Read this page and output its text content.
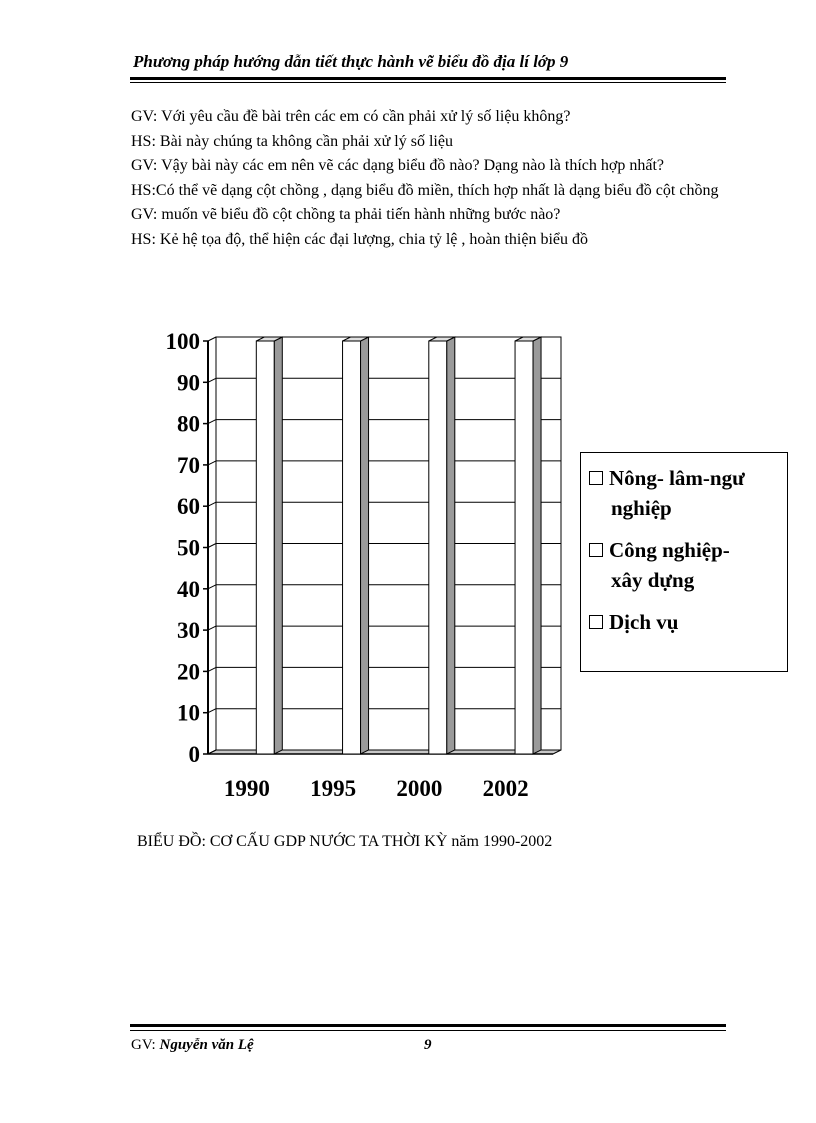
Phương pháp hướng dẫn tiết thực hành vẽ biểu đồ địa lí lớp 9

GV: Với yêu cầu đề bài trên các em có cần phải xử lý số liệu không?

HS: Bài này chúng ta không cần phải xử lý số liệu

GV: Vậy bài này các em nên vẽ các dạng biểu đồ nào? Dạng nào là thích hợp nhất?

HS:Có thể vẽ dạng cột chồng , dạng biểu đồ miền, thích hợp nhất là dạng biểu đồ cột chồng

GV: muốn vẽ biểu đồ cột chồng ta phải tiến hành những bước nào?

HS: Kẻ hệ tọa độ, thể hiện các đại lượng, chia tỷ lệ , hoàn thiện biểu đồ

0
10
20
30
40
50
60
70
80
90
100
1990 1995 2000 2002
Nông- lâm-ngư
nghiệp
Công nghiệp-
xây dựng
Dịch vụ

BIỂU ĐỒ: CƠ CẤU GDP NƯỚC TA THỜI KỲ năm 1990-2002

GV: Nguyễn văn Lệ	9
